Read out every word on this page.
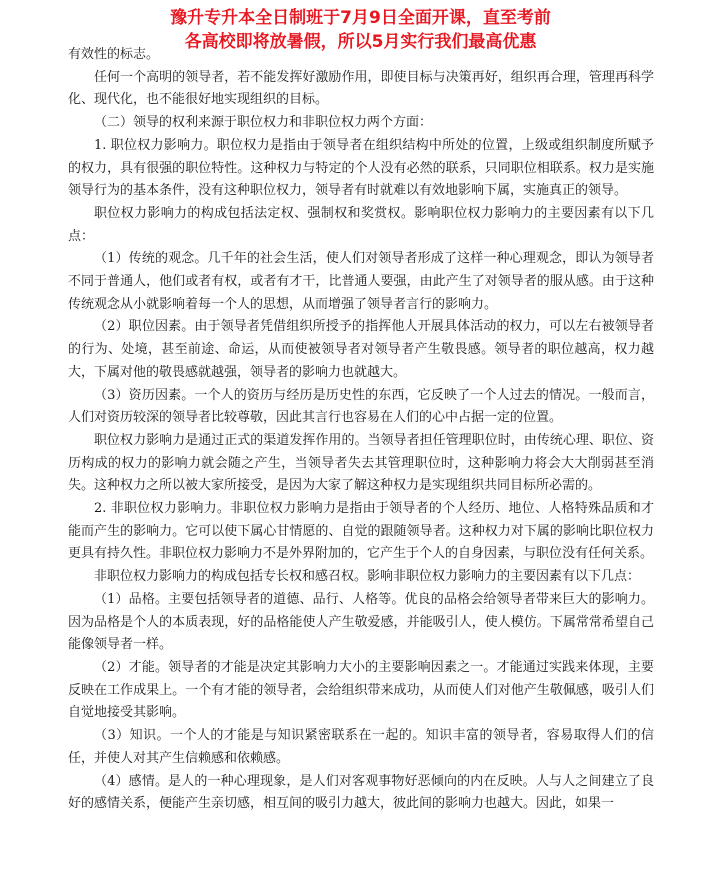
豫升专升本全日制班于7月9日全面开课，直至考前
各高校即将放暑假，所以5月实行我们最高优惠

有效性的标志。

任何一个高明的领导者，若不能发挥好激励作用，即使目标与决策再好，组织再合理，管理再科学化、现代化，也不能很好地实现组织的目标。

（二）领导的权利来源于职位权力和非职位权力两个方面：

1. 职位权力影响力。职位权力是指由于领导者在组织结构中所处的位置，上级或组织制度所赋予的权力，具有很强的职位特性。这种权力与特定的个人没有必然的联系，只同职位相联系。权力是实施领导行为的基本条件，没有这种职位权力，领导者有时就难以有效地影响下属，实施真正的领导。

职位权力影响力的构成包括法定权、强制权和奖赏权。影响职位权力影响力的主要因素有以下几点：

（1）传统的观念。几千年的社会生活，使人们对领导者形成了这样一种心理观念，即认为领导者不同于普通人，他们或者有权，或者有才干，比普通人要强，由此产生了对领导者的服从感。由于这种传统观念从小就影响着每一个人的思想，从而增强了领导者言行的影响力。

（2）职位因素。由于领导者凭借组织所授予的指挥他人开展具体活动的权力，可以左右被领导者的行为、处境，甚至前途、命运，从而使被领导者对领导者产生敬畏感。领导者的职位越高，权力越大，下属对他的敬畏感就越强，领导者的影响力也就越大。

（3）资历因素。一个人的资历与经历是历史性的东西，它反映了一个人过去的情况。一般而言，人们对资历较深的领导者比较尊敬，因此其言行也容易在人们的心中占据一定的位置。

职位权力影响力是通过正式的渠道发挥作用的。当领导者担任管理职位时，由传统心理、职位、资历构成的权力的影响力就会随之产生，当领导者失去其管理职位时，这种影响力将会大大削弱甚至消失。这种权力之所以被大家所接受，是因为大家了解这种权力是实现组织共同目标所必需的。

2. 非职位权力影响力。非职位权力影响力是指由于领导者的个人经历、地位、人格特殊品质和才能而产生的影响力。它可以使下属心甘情愿的、自觉的跟随领导者。这种权力对下属的影响比职位权力更具有持久性。非职位权力影响力不是外界附加的，它产生于个人的自身因素，与职位没有任何关系。

非职位权力影响力的构成包括专长权和感召权。影响非职位权力影响力的主要因素有以下几点：

（1）品格。主要包括领导者的道德、品行、人格等。优良的品格会给领导者带来巨大的影响力。因为品格是个人的本质表现，好的品格能使人产生敬爱感，并能吸引人，使人模仿。下属常常希望自己能像领导者一样。

（2）才能。领导者的才能是决定其影响力大小的主要影响因素之一。才能通过实践来体现，主要反映在工作成果上。一个有才能的领导者，会给组织带来成功，从而使人们对他产生敬佩感，吸引人们自觉地接受其影响。

（3）知识。一个人的才能是与知识紧密联系在一起的。知识丰富的领导者，容易取得人们的信任，并使人对其产生信赖感和依赖感。

（4）感情。是人的一种心理现象，是人们对客观事物好恶倾向的内在反映。人与人之间建立了良好的感情关系，便能产生亲切感，相互间的吸引力越大，彼此间的影响力也越大。因此，如果一
